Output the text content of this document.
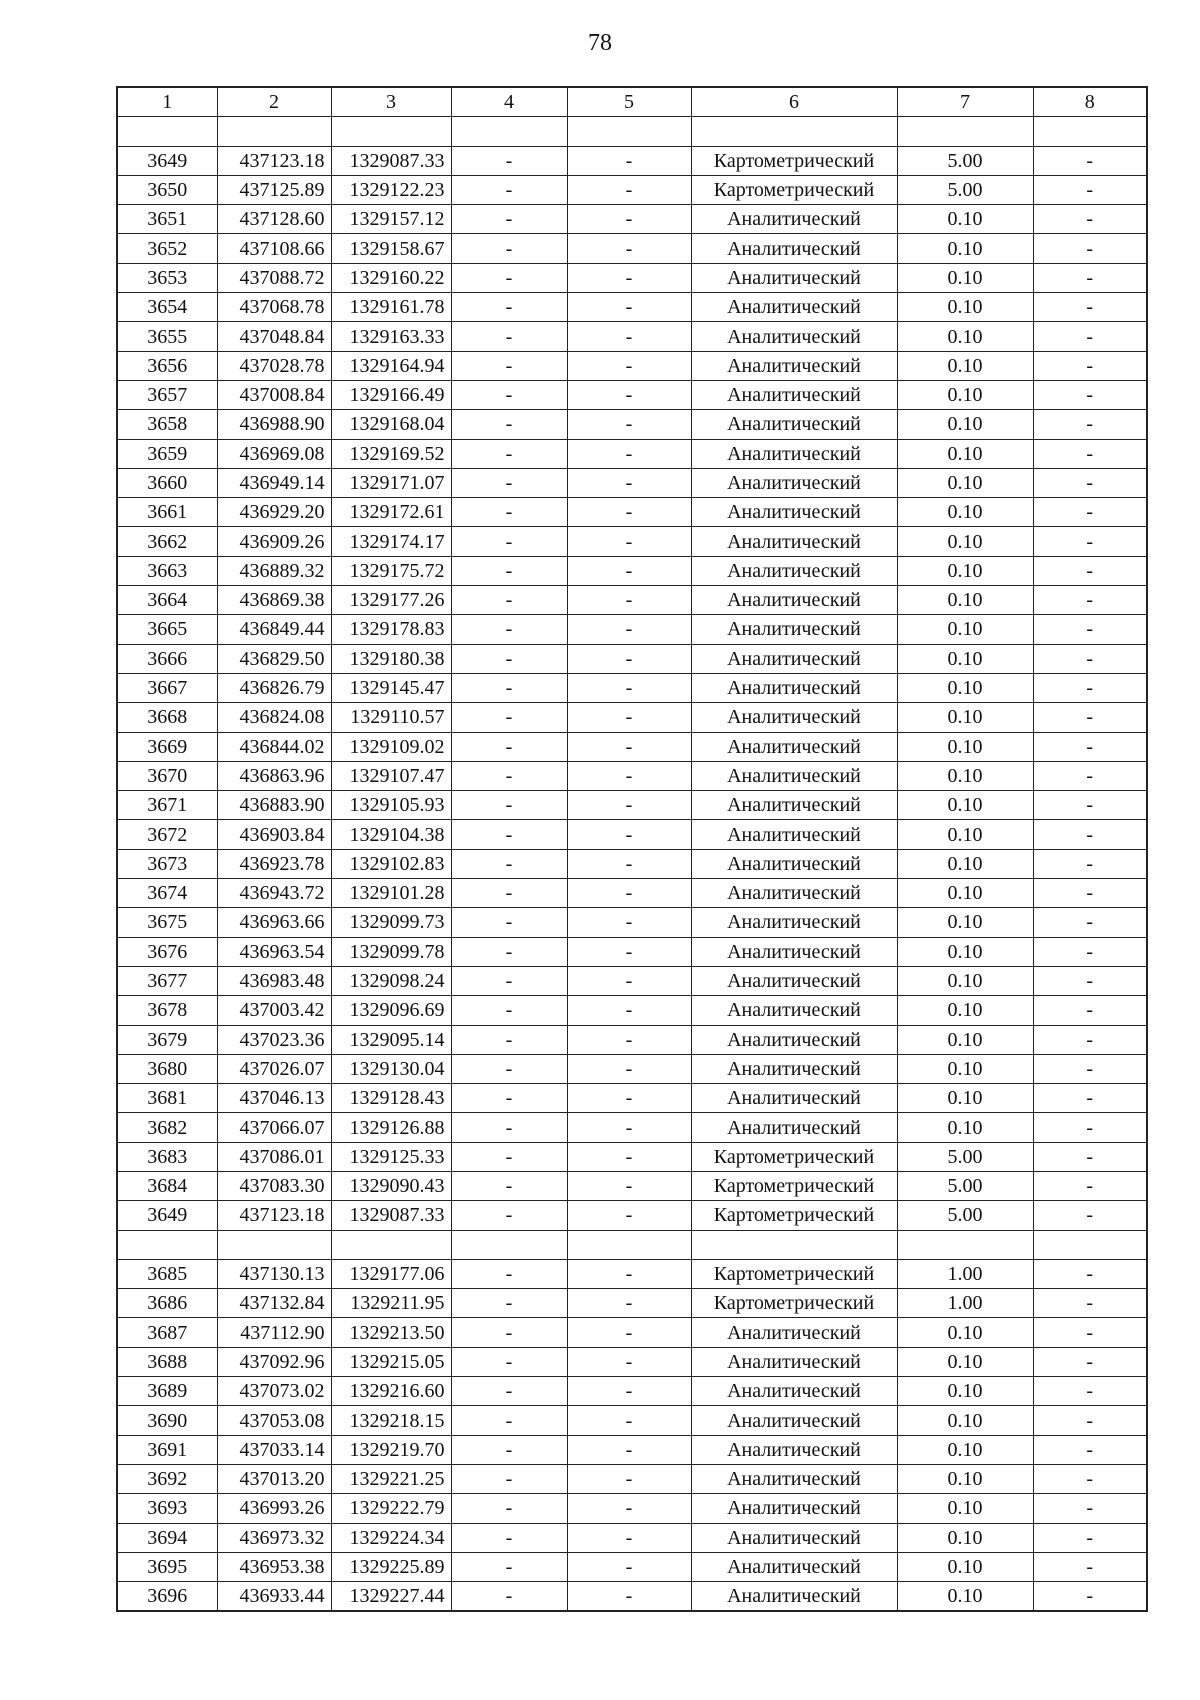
78
1	2	3	4	5	6	7	8

3649	437123.18	1329087.33	-	-	Картометрический	5.00	-
3650	437125.89	1329122.23	-	-	Картометрический	5.00	-
3651	437128.60	1329157.12	-	-	Аналитический	0.10	-
3652	437108.66	1329158.67	-	-	Аналитический	0.10	-
3653	437088.72	1329160.22	-	-	Аналитический	0.10	-
3654	437068.78	1329161.78	-	-	Аналитический	0.10	-
3655	437048.84	1329163.33	-	-	Аналитический	0.10	-
3656	437028.78	1329164.94	-	-	Аналитический	0.10	-
3657	437008.84	1329166.49	-	-	Аналитический	0.10	-
3658	436988.90	1329168.04	-	-	Аналитический	0.10	-
3659	436969.08	1329169.52	-	-	Аналитический	0.10	-
3660	436949.14	1329171.07	-	-	Аналитический	0.10	-
3661	436929.20	1329172.61	-	-	Аналитический	0.10	-
3662	436909.26	1329174.17	-	-	Аналитический	0.10	-
3663	436889.32	1329175.72	-	-	Аналитический	0.10	-
3664	436869.38	1329177.26	-	-	Аналитический	0.10	-
3665	436849.44	1329178.83	-	-	Аналитический	0.10	-
3666	436829.50	1329180.38	-	-	Аналитический	0.10	-
3667	436826.79	1329145.47	-	-	Аналитический	0.10	-
3668	436824.08	1329110.57	-	-	Аналитический	0.10	-
3669	436844.02	1329109.02	-	-	Аналитический	0.10	-
3670	436863.96	1329107.47	-	-	Аналитический	0.10	-
3671	436883.90	1329105.93	-	-	Аналитический	0.10	-
3672	436903.84	1329104.38	-	-	Аналитический	0.10	-
3673	436923.78	1329102.83	-	-	Аналитический	0.10	-
3674	436943.72	1329101.28	-	-	Аналитический	0.10	-
3675	436963.66	1329099.73	-	-	Аналитический	0.10	-
3676	436963.54	1329099.78	-	-	Аналитический	0.10	-
3677	436983.48	1329098.24	-	-	Аналитический	0.10	-
3678	437003.42	1329096.69	-	-	Аналитический	0.10	-
3679	437023.36	1329095.14	-	-	Аналитический	0.10	-
3680	437026.07	1329130.04	-	-	Аналитический	0.10	-
3681	437046.13	1329128.43	-	-	Аналитический	0.10	-
3682	437066.07	1329126.88	-	-	Аналитический	0.10	-
3683	437086.01	1329125.33	-	-	Картометрический	5.00	-
3684	437083.30	1329090.43	-	-	Картометрический	5.00	-
3649	437123.18	1329087.33	-	-	Картометрический	5.00	-

3685	437130.13	1329177.06	-	-	Картометрический	1.00	-
3686	437132.84	1329211.95	-	-	Картометрический	1.00	-
3687	437112.90	1329213.50	-	-	Аналитический	0.10	-
3688	437092.96	1329215.05	-	-	Аналитический	0.10	-
3689	437073.02	1329216.60	-	-	Аналитический	0.10	-
3690	437053.08	1329218.15	-	-	Аналитический	0.10	-
3691	437033.14	1329219.70	-	-	Аналитический	0.10	-
3692	437013.20	1329221.25	-	-	Аналитический	0.10	-
3693	436993.26	1329222.79	-	-	Аналитический	0.10	-
3694	436973.32	1329224.34	-	-	Аналитический	0.10	-
3695	436953.38	1329225.89	-	-	Аналитический	0.10	-
3696	436933.44	1329227.44	-	-	Аналитический	0.10	-
